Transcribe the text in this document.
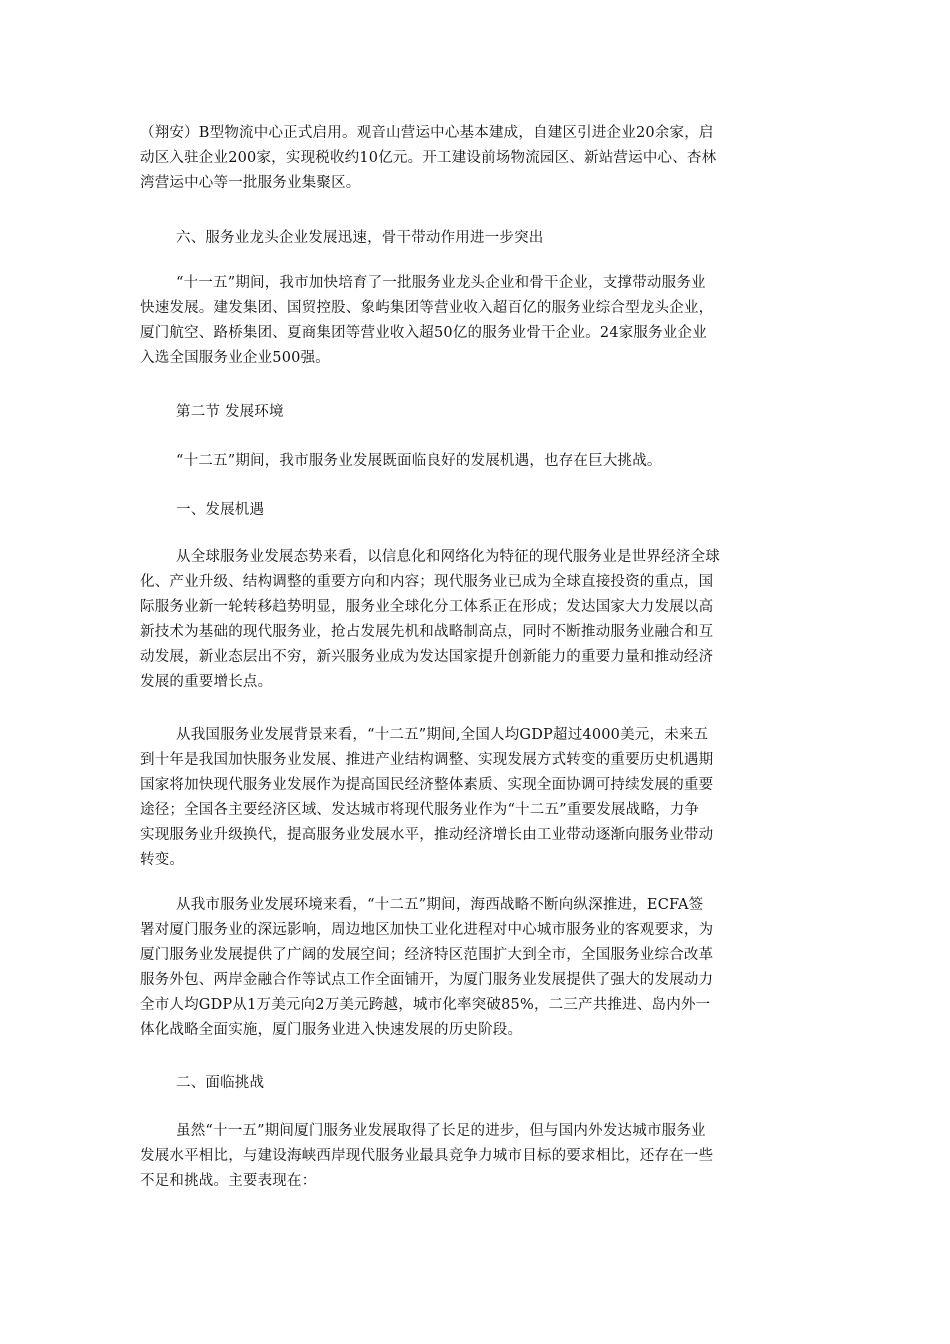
（翔安）B型物流中心正式启用。观音山营运中心基本建成，自建区引进企业20余家，启
动区入驻企业200家，实现税收约10亿元。开工建设前场物流园区、新站营运中心、杏林
湾营运中心等一批服务业集聚区。

六、服务业龙头企业发展迅速，骨干带动作用进一步突出

“十一五”期间，我市加快培育了一批服务业龙头企业和骨干企业，支撑带动服务业
快速发展。建发集团、国贸控股、象屿集团等营业收入超百亿的服务业综合型龙头企业，
厦门航空、路桥集团、夏商集团等营业收入超50亿的服务业骨干企业。24家服务业企业
入选全国服务业企业500强。

第二节 发展环境

“十二五”期间，我市服务业发展既面临良好的发展机遇，也存在巨大挑战。

一、发展机遇

从全球服务业发展态势来看，以信息化和网络化为特征的现代服务业是世界经济全球
化、产业升级、结构调整的重要方向和内容；现代服务业已成为全球直接投资的重点，国
际服务业新一轮转移趋势明显，服务业全球化分工体系正在形成；发达国家大力发展以高
新技术为基础的现代服务业，抢占发展先机和战略制高点，同时不断推动服务业融合和互
动发展，新业态层出不穷，新兴服务业成为发达国家提升创新能力的重要力量和推动经济
发展的重要增长点。

从我国服务业发展背景来看，“十二五”期间,全国人均GDP超过4000美元，未来五
到十年是我国加快服务业发展、推进产业结构调整、实现发展方式转变的重要历史机遇期
国家将加快现代服务业发展作为提高国民经济整体素质、实现全面协调可持续发展的重要
途径；全国各主要经济区域、发达城市将现代服务业作为“十二五”重要发展战略，力争
实现服务业升级换代，提高服务业发展水平，推动经济增长由工业带动逐渐向服务业带动
转变。

从我市服务业发展环境来看，“十二五”期间，海西战略不断向纵深推进，ECFA签
署对厦门服务业的深远影响，周边地区加快工业化进程对中心城市服务业的客观要求，为
厦门服务业发展提供了广阔的发展空间；经济特区范围扩大到全市，全国服务业综合改革
服务外包、两岸金融合作等试点工作全面铺开，为厦门服务业发展提供了强大的发展动力
全市人均GDP从1万美元向2万美元跨越，城市化率突破85%，二三产共推进、岛内外一
体化战略全面实施，厦门服务业进入快速发展的历史阶段。

二、面临挑战

虽然“十一五”期间厦门服务业发展取得了长足的进步，但与国内外发达城市服务业
发展水平相比，与建设海峡西岸现代服务业最具竞争力城市目标的要求相比，还存在一些
不足和挑战。主要表现在：
